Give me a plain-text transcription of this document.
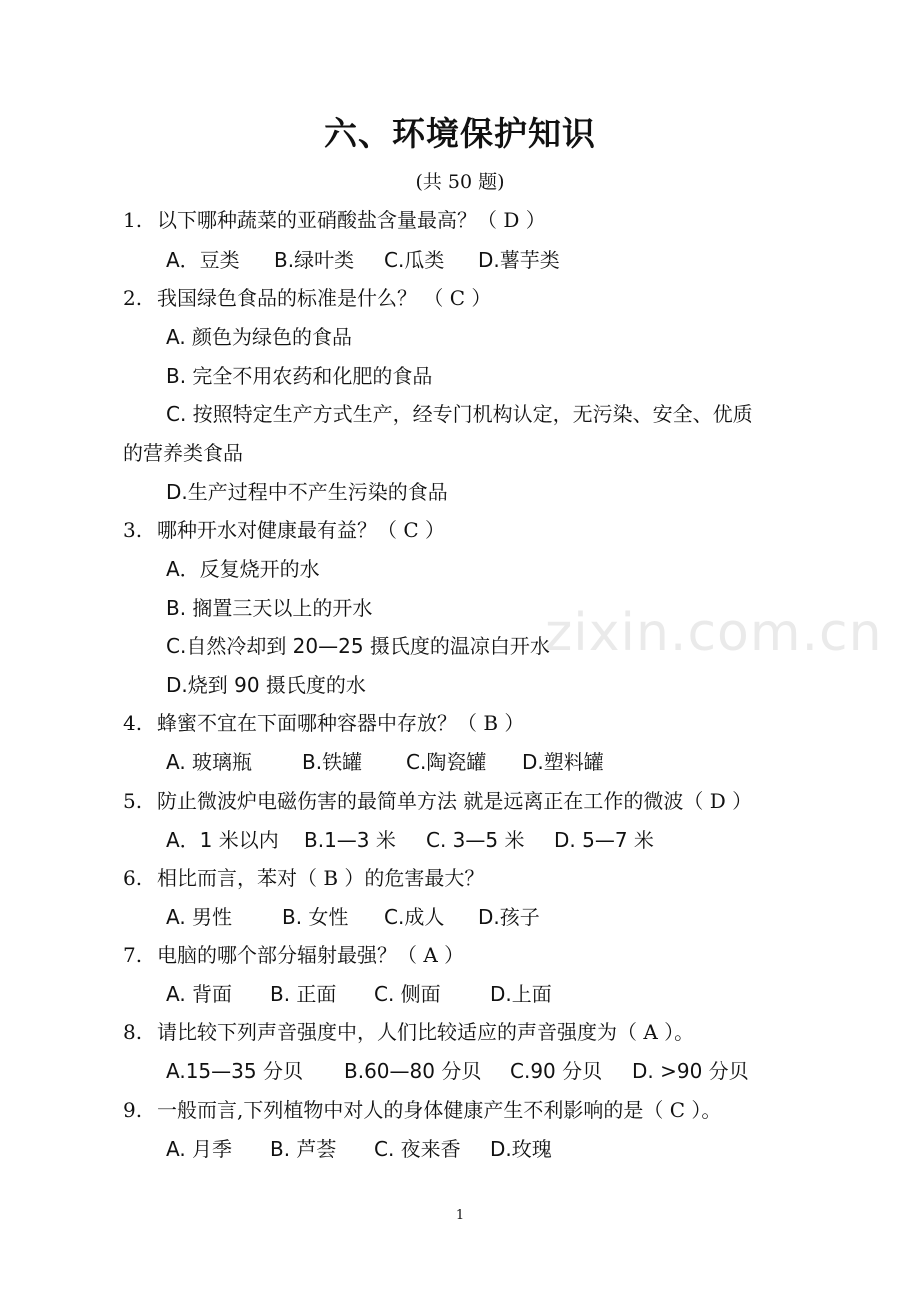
六、环境保护知识
(共 50 题)
1. 以下哪种蔬菜的亚硝酸盐含量最高？（ D ）
A．豆类 B.绿叶类 C.瓜类 D.薯芋类
2. 我国绿色食品的标准是什么？ （ C ）
A. 颜色为绿色的食品
B. 完全不用农药和化肥的食品
C. 按照特定生产方式生产，经专门机构认定，无污染、安全、优质
的营养类食品
D.生产过程中不产生污染的食品
3. 哪种开水对健康最有益？（ C ）
A．反复烧开的水
B. 搁置三天以上的开水
C.自然冷却到 20—25 摄氏度的温凉白开水
D.烧到 90 摄氏度的水
4. 蜂蜜不宜在下面哪种容器中存放？（ B ）
A. 玻璃瓶 B.铁罐 C.陶瓷罐 D.塑料罐
5. 防止微波炉电磁伤害的最简单方法 就是远离正在工作的微波（ D ）
A．1 米以内 B.1—3 米 C. 3—5 米 D. 5—7 米
6. 相比而言，苯对（ B ）的危害最大？
A. 男性 B. 女性 C.成人 D.孩子
7. 电脑的哪个部分辐射最强？（ A ）
A. 背面 B. 正面 C. 侧面 D.上面
8. 请比较下列声音强度中，人们比较适应的声音强度为（ A ）。
A.15—35 分贝 B.60—80 分贝 C.90 分贝 D. >90 分贝
9. 一般而言,下列植物中对人的身体健康产生不利影响的是（ C ）。
A. 月季 B. 芦荟 C. 夜来香 D.玫瑰
zixin.com.cn
1
